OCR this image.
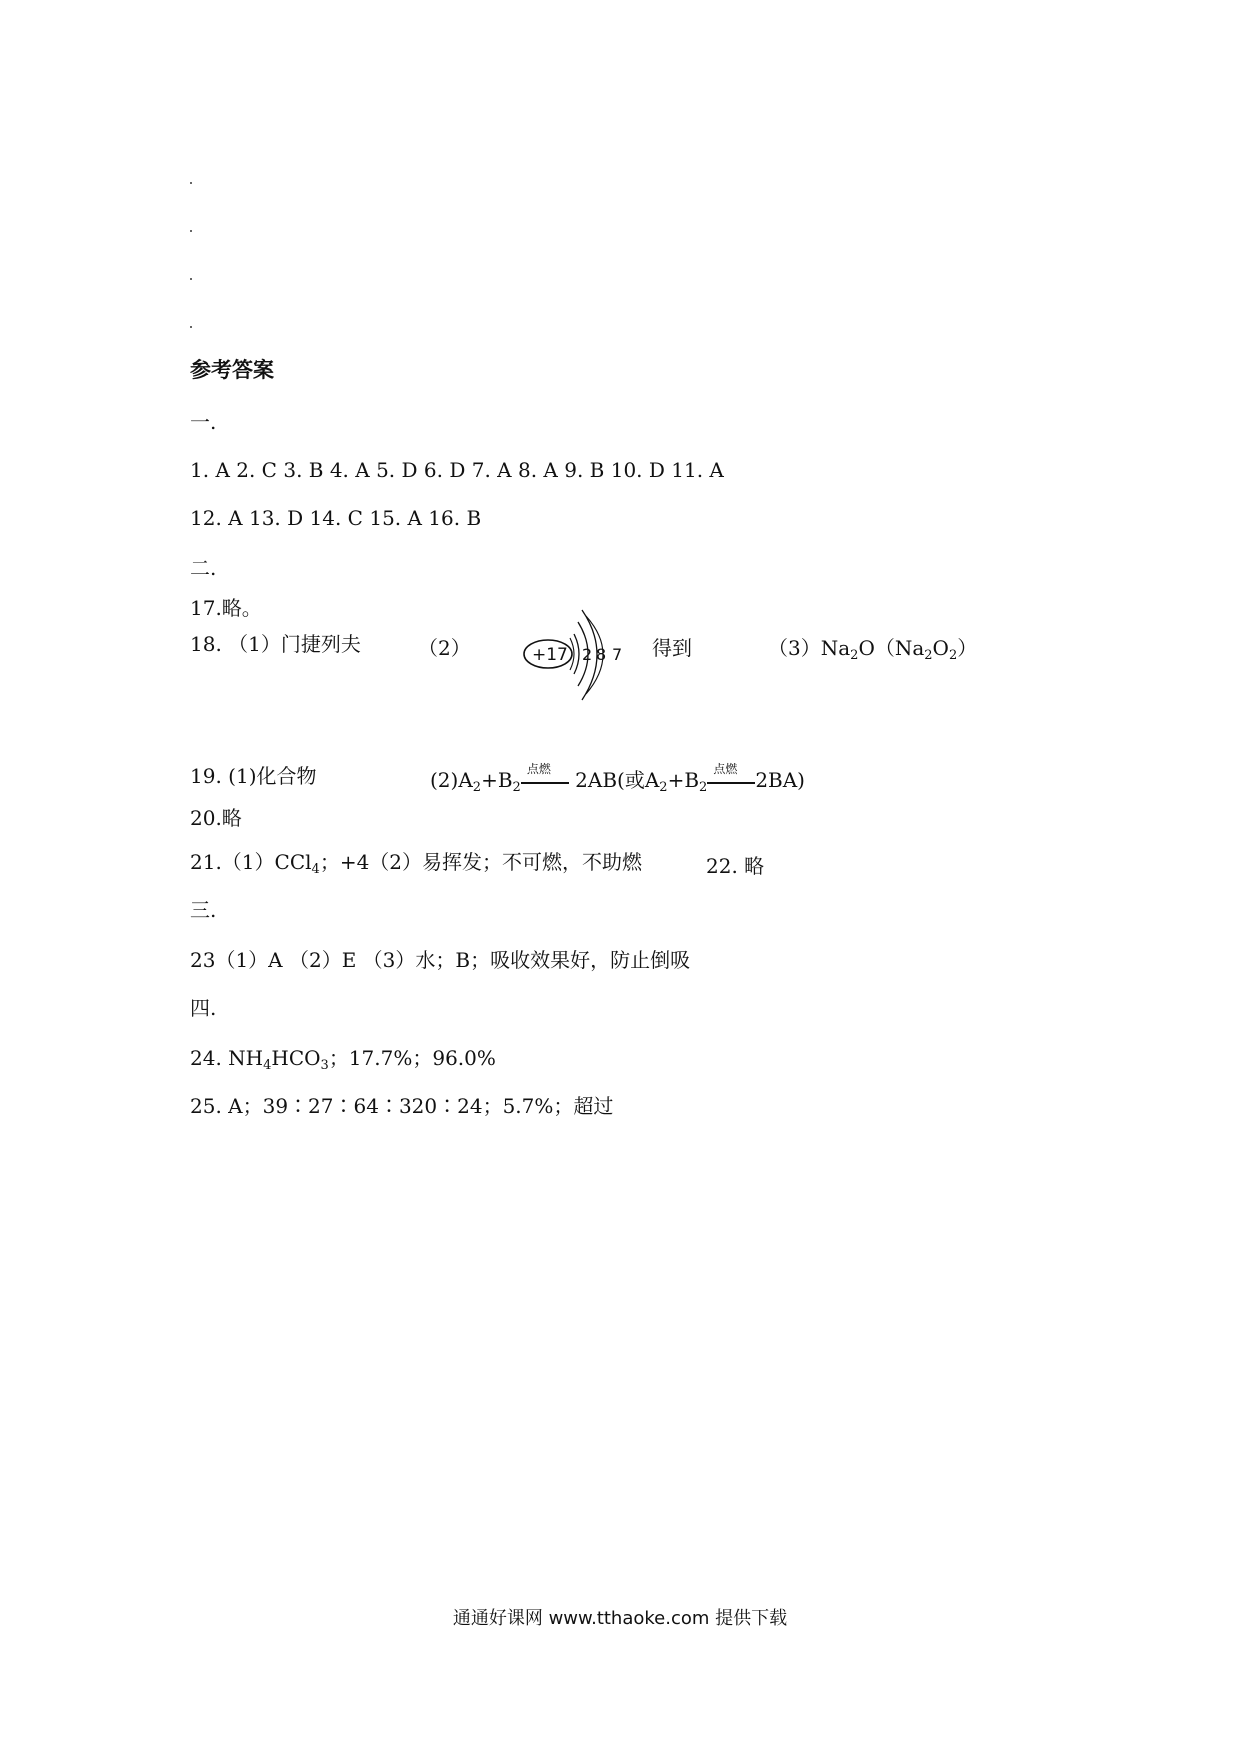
参考答案
一.
1. A 2. C 3. B 4. A 5. D 6. D 7. A 8. A 9. B 10. D 11. A
12. A 13. D 14. C 15. A 16. B
二.
17.略。
18. （1）门捷列夫	（2）	+17 2 8 7 得到	$(3)Na_2O(Na_2O_2)$
19. (1)化合物	$(2)A_2+B_2$
点燃 2AB(或$A_2+B_2$
点燃 2BA)
20.略
21.（1）CCl$_4$；+4（2）易挥发；不可燃，不助燃	22. 略
三.
23（1）A （2）E （3）水；B；吸收效果好，防止倒吸
四.
24. $NH_4HCO_3$；17.7%；96.0%
25. A；39∶27∶64∶320∶24；5.7%；超过
通通好课网 www.tthaoke.com 提供下载
